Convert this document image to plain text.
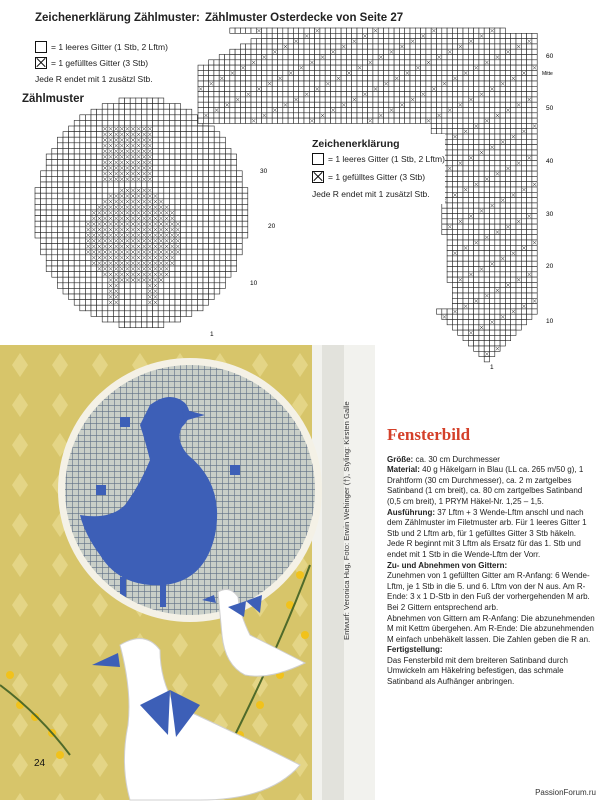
Zeichenerklärung Zählmuster:
= 1 leeres Gitter (1 Stb, 2 Lftm)
= 1 gefülltes Gitter (3 Stb)
Jede R endet mit 1 zusätzl Stb.
Zählmuster
30
20
10
1
Zählmuster Osterdecke von Seite 27
60
Mitte
50
40
30
20
10
1
Zeichenerklärung
= 1 leeres Gitter (1 Stb, 2 Lftm)
= 1 gefülltes Gitter (3 Stb)
Jede R endet mit 1 zusätzl Stb.
Entwurf: Veronica Hug, Foto: Erwin Wehinger (†), Styling: Kirsten Galle
24
Fensterbild

Größe: ca. 30 cm Durchmesser

Material: 40 g Häkelgarn in Blau (LL ca. 265 m/50 g), 1 Drahtform (30 cm Durchmesser), ca. 2 m zartgelbes Satinband (1 cm breit), ca. 80 cm zartgelbes Satinband (0,5 cm breit), 1 PRYM Häkel-Nr. 1,25 – 1,5.

Ausführung: 37 Lftm + 3 Wende-Lftm anschl und nach dem Zählmuster im Filetmuster arb. Für 1 leeres Gitter 1 Stb und 2 Lftm arb, für 1 gefülltes Gitter 3 Stb häkeln. Jede R beginnt mit 3 Lftm als Ersatz für das 1. Stb und endet mit 1 Stb in die Wende-Lftm der Vorr.

Zu- und Abnehmen von Gittern:

Zunehmen von 1 gefüllten Gitter am R-Anfang: 6 Wende-Lftm, je 1 Stb in die 5. und 6. Lftm von der N aus. Am R-Ende: 3 x 1 D-Stb in den Fuß der vorhergehenden M arb. Bei 2 Gittern entsprechend arb.

Abnehmen von Gittern am R-Anfang: Die abzunehmenden M mit Kettm übergehen. Am R-Ende: Die abzunehmenden M einfach unbehäkelt lassen. Die Zahlen geben die R an.

Fertigstellung:

Das Fensterbild mit dem breiteren Satinband durch Umwickeln am Häkelring befestigen, das schmale Satinband als Aufhänger anbringen.

PassionForum.ru
